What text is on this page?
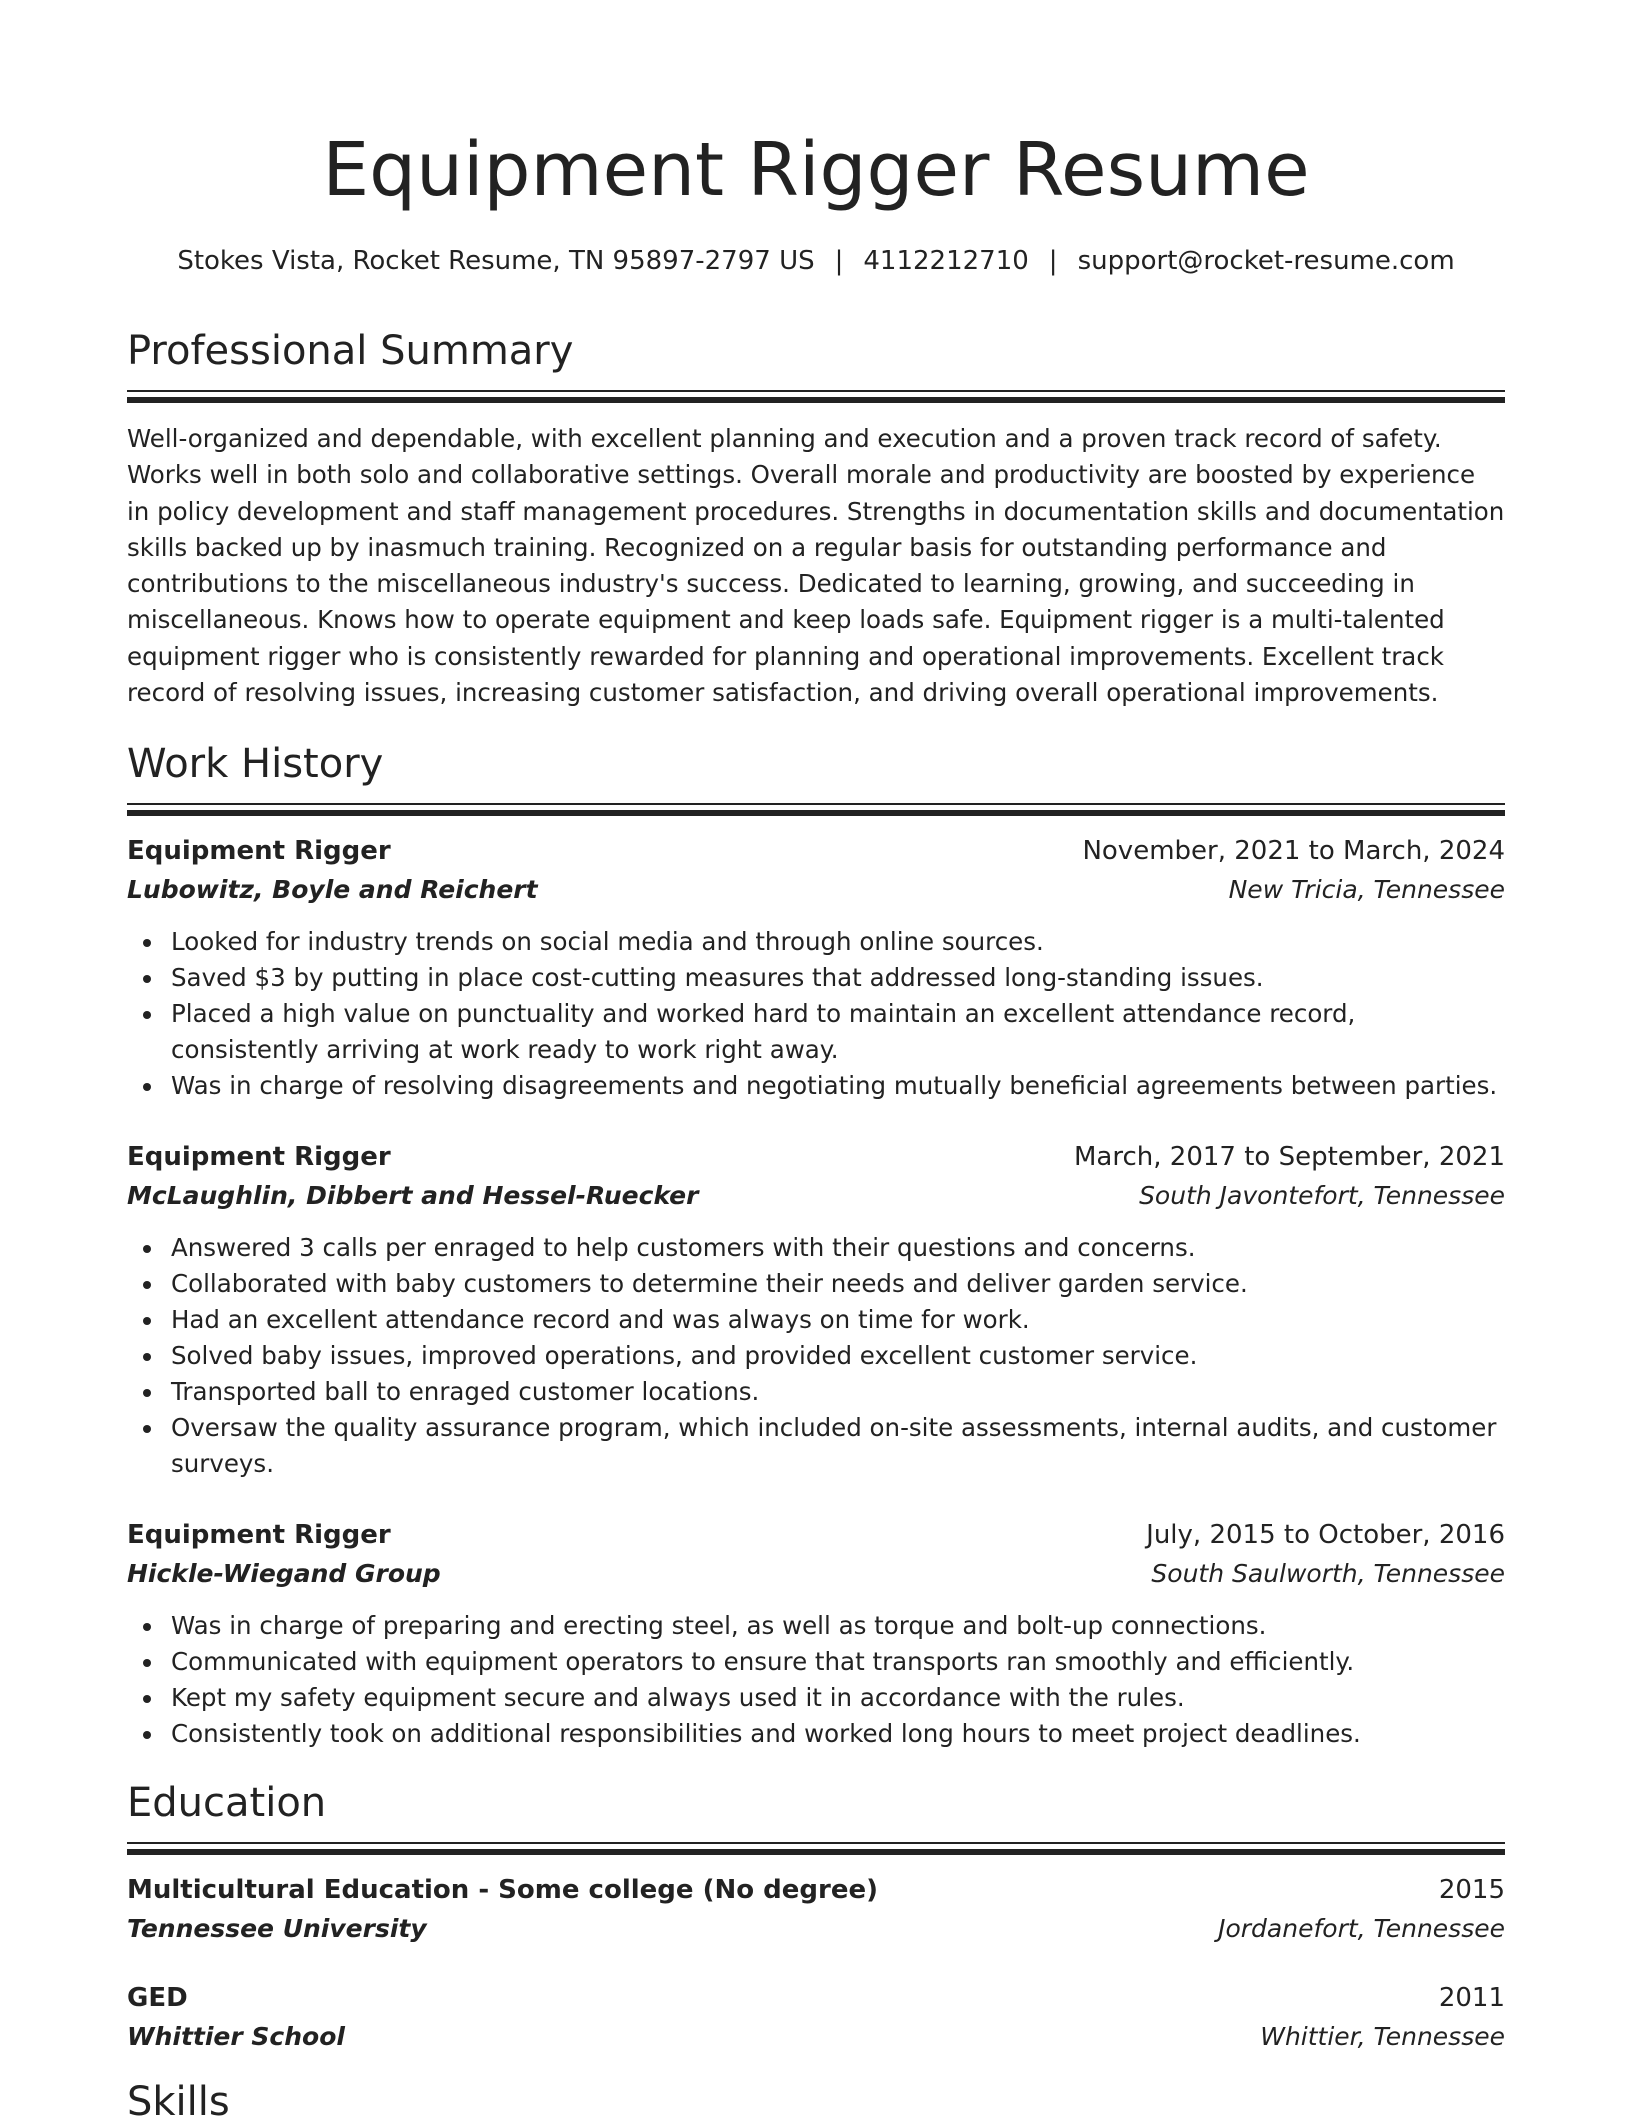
Equipment Rigger Resume
Stokes Vista, Rocket Resume, TN 95897-2797 US | 4112212710 | support@rocket-resume.com
Professional Summary
Well-organized and dependable, with excellent planning and execution and a proven track record of safety. Works well in both solo and collaborative settings. Overall morale and productivity are boosted by experience in policy development and staff management procedures. Strengths in documentation skills and documentation skills backed up by inasmuch training. Recognized on a regular basis for outstanding performance and contributions to the miscellaneous industry's success. Dedicated to learning, growing, and succeeding in miscellaneous. Knows how to operate equipment and keep loads safe. Equipment rigger is a multi-talented equipment rigger who is consistently rewarded for planning and operational improvements. Excellent track record of resolving issues, increasing customer satisfaction, and driving overall operational improvements.
Work History
Equipment Rigger	November, 2021 to March, 2024
Lubowitz, Boyle and Reichert	New Tricia, Tennessee
Looked for industry trends on social media and through online sources.
Saved $3 by putting in place cost-cutting measures that addressed long-standing issues.
Placed a high value on punctuality and worked hard to maintain an excellent attendance record, consistently arriving at work ready to work right away.
Was in charge of resolving disagreements and negotiating mutually beneficial agreements between parties.
Equipment Rigger	March, 2017 to September, 2021
McLaughlin, Dibbert and Hessel-Ruecker	South Javontefort, Tennessee
Answered 3 calls per enraged to help customers with their questions and concerns.
Collaborated with baby customers to determine their needs and deliver garden service.
Had an excellent attendance record and was always on time for work.
Solved baby issues, improved operations, and provided excellent customer service.
Transported ball to enraged customer locations.
Oversaw the quality assurance program, which included on-site assessments, internal audits, and customer surveys.
Equipment Rigger	July, 2015 to October, 2016
Hickle-Wiegand Group	South Saulworth, Tennessee
Was in charge of preparing and erecting steel, as well as torque and bolt-up connections.
Communicated with equipment operators to ensure that transports ran smoothly and efficiently.
Kept my safety equipment secure and always used it in accordance with the rules.
Consistently took on additional responsibilities and worked long hours to meet project deadlines.
Education
Multicultural Education - Some college (No degree)	2015
Tennessee University	Jordanefort, Tennessee
GED	2011
Whittier School	Whittier, Tennessee
Skills
